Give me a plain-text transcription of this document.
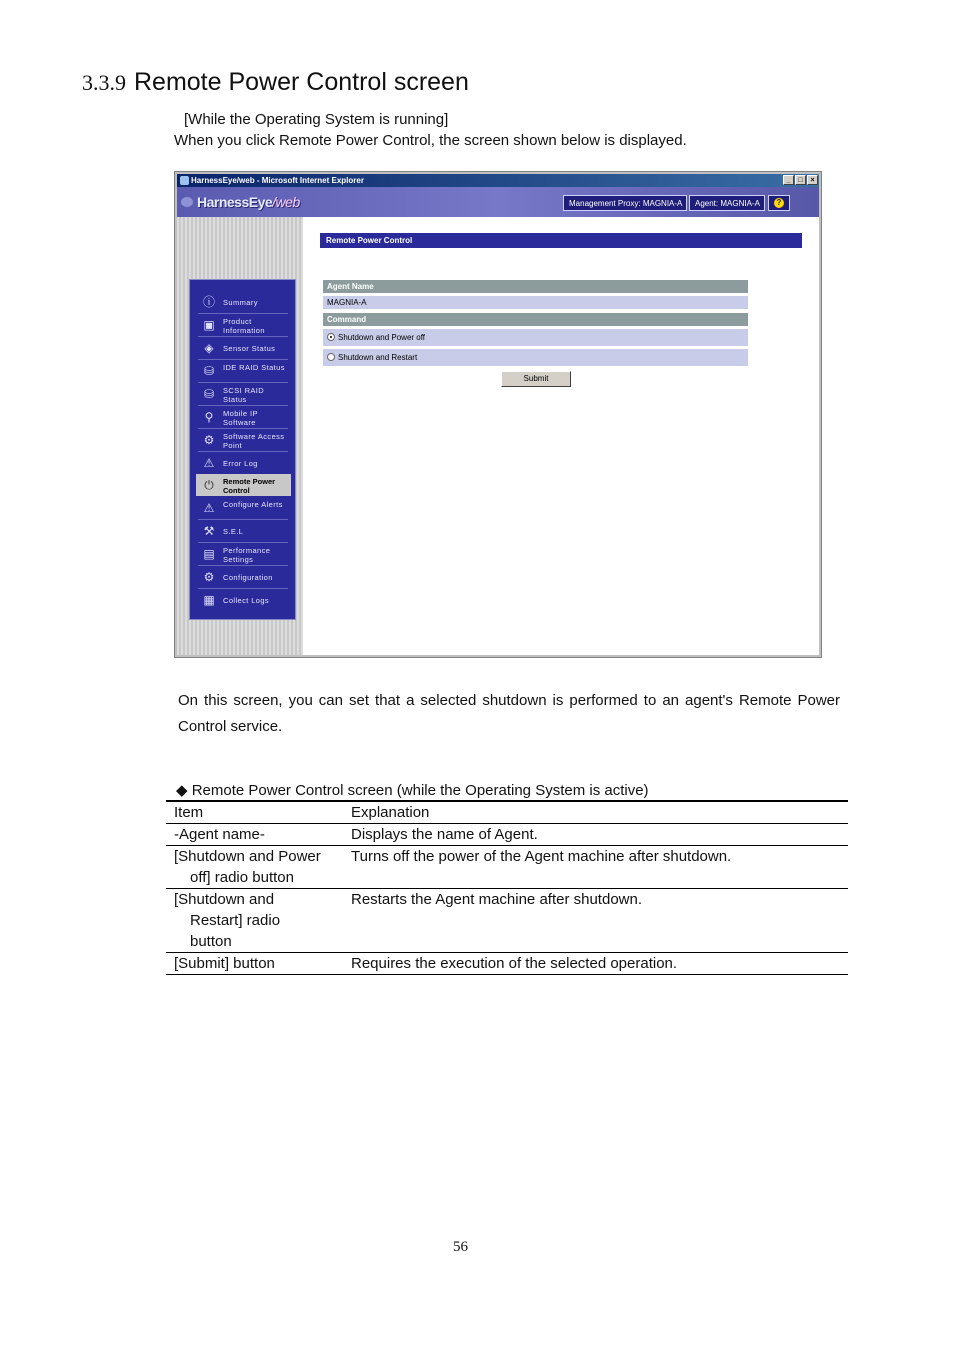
3.3.9 Remote Power Control screen
[While the Operating System is running]
When you click Remote Power Control, the screen shown below is displayed.
HarnessEye/web - Microsoft Internet Explorer	_	□	×
HarnessEye/web	Management Proxy: MAGNIA-A	Agent: MAGNIA-A	?
ⓘ Summary
▣	Product Information
◈	Sensor Status
⛁	IDE RAID Status
⛁	SCSI RAID Status
⚲	Mobile IP Software
⚙	Software Access Point
⚠	Error Log
⏻	Remote Power Control
⚠	Configure Alerts
⚒	S.E.L
▤	Performance Settings
⚙	Configuration
▦	Collect Logs
Remote Power Control
Agent Name
MAGNIA-A
Command
Shutdown and Power off
Shutdown and Restart
Submit
On this screen, you can set that a selected shutdown is performed to an agent's Remote Power Control service.
◆ Remote Power Control screen (while the Operating System is active)
Item	Explanation
-Agent name-	Displays the name of Agent.
[Shutdown and Power
off] radio button	Turns off the power of the Agent machine after shutdown.
[Shutdown and
Restart] radio button	Restarts the Agent machine after shutdown.
[Submit] button	Requires the execution of the selected operation.
56
